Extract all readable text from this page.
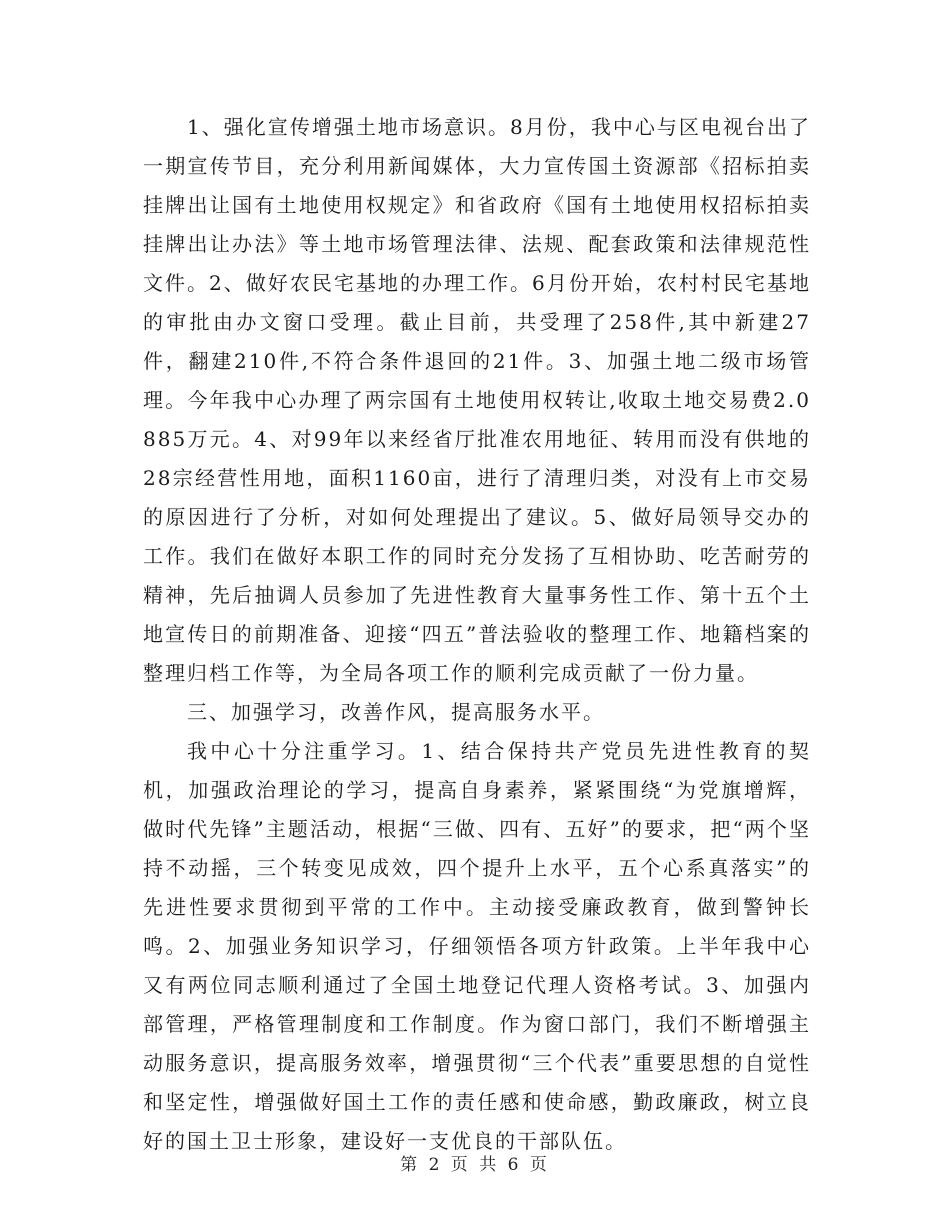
1、强化宣传增强土地市场意识。8月份，我中心与区电视台出了一期宣传节目，充分利用新闻媒体，大力宣传国土资源部《招标拍卖挂牌出让国有土地使用权规定》和省政府《国有土地使用权招标拍卖挂牌出让办法》等土地市场管理法律、法规、配套政策和法律规范性文件。2、做好农民宅基地的办理工作。6月份开始，农村村民宅基地的审批由办文窗口受理。截止目前，共受理了258件,其中新建27件，翻建210件,不符合条件退回的21件。3、加强土地二级市场管理。今年我中心办理了两宗国有土地使用权转让,收取土地交易费2.0885万元。4、对99年以来经省厅批准农用地征、转用而没有供地的28宗经营性用地，面积1160亩，进行了清理归类，对没有上市交易的原因进行了分析，对如何处理提出了建议。5、做好局领导交办的工作。我们在做好本职工作的同时充分发扬了互相协助、吃苦耐劳的精神，先后抽调人员参加了先进性教育大量事务性工作、第十五个土地宣传日的前期准备、迎接“四五”普法验收的整理工作、地籍档案的整理归档工作等，为全局各项工作的顺利完成贡献了一份力量。

三、加强学习，改善作风，提高服务水平。

我中心十分注重学习。1、结合保持共产党员先进性教育的契机，加强政治理论的学习，提高自身素养，紧紧围绕“为党旗增辉，做时代先锋”主题活动，根据“三做、四有、五好”的要求，把“两个坚持不动摇，三个转变见成效，四个提升上水平，五个心系真落实”的先进性要求贯彻到平常的工作中。主动接受廉政教育，做到警钟长鸣。2、加强业务知识学习，仔细领悟各项方针政策。上半年我中心又有两位同志顺利通过了全国土地登记代理人资格考试。3、加强内部管理，严格管理制度和工作制度。作为窗口部门，我们不断增强主动服务意识，提高服务效率，增强贯彻“三个代表”重要思想的自觉性和坚定性，增强做好国土工作的责任感和使命感，勤政廉政，树立良好的国土卫士形象，建设好一支优良的干部队伍。

第 2 页 共 6 页
